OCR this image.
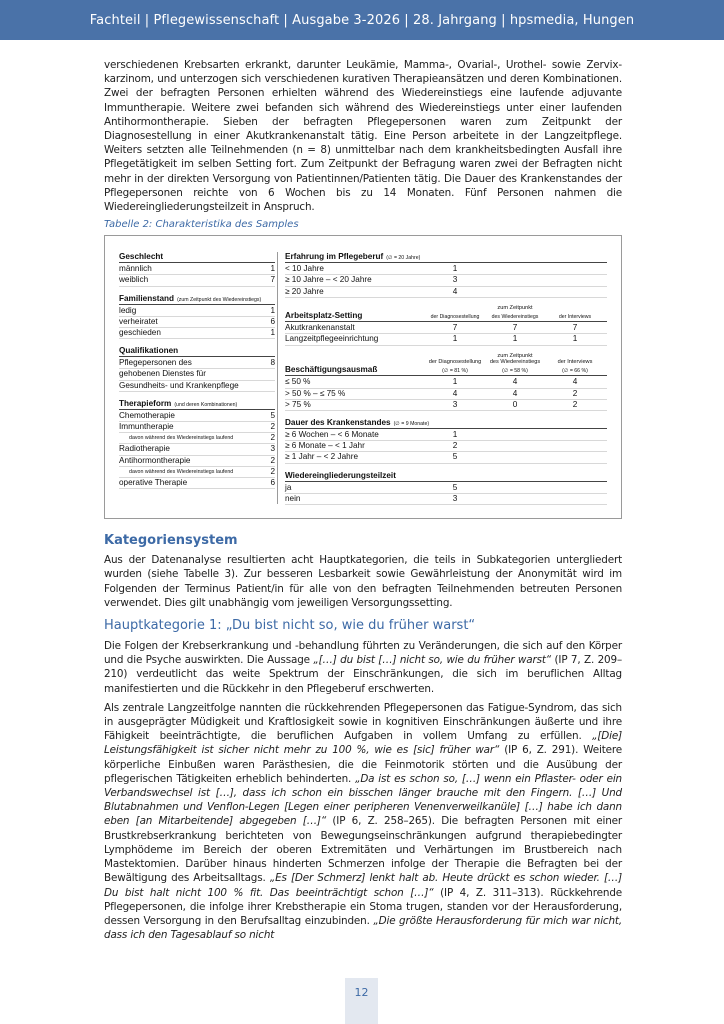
Fachteil | Pflegewissenschaft | Ausgabe 3-2026 | 28. Jahrgang | hpsmedia, Hungen

verschiedenen Krebsarten erkrankt, darunter Leukämie, Mamma-, Ovarial-, Urothel- sowie Zervix-karzinom, und unterzogen sich verschiedenen kurativen Therapieansätzen und deren Kombinationen. Zwei der befragten Personen erhielten während des Wiedereinstiegs eine laufende adjuvante Immuntherapie. Weitere zwei befanden sich während des Wiedereinstiegs unter einer laufenden Antihormontherapie. Sieben der befragten Pflegepersonen waren zum Zeitpunkt der Diagnosestellung in einer Akutkrankenanstalt tätig. Eine Person arbeitete in der Langzeitpflege. Weiters setzten alle Teilnehmenden (n = 8) unmittelbar nach dem krankheitsbedingten Ausfall ihre Pflegetätigkeit im selben Setting fort. Zum Zeitpunkt der Befragung waren zwei der Befragten nicht mehr in der direkten Versorgung von Patientinnen/Patienten tätig. Die Dauer des Krankenstandes der Pflegepersonen reichte von 6 Wochen bis zu 14 Monaten. Fünf Personen nahmen die Wiedereingliederungsteilzeit in Anspruch.

Tabelle 2: Charakteristika des Samples
Geschlecht
männlich	1
weiblich	7
Familienstand (zum Zeitpunkt des Wiedereinstiegs)
ledig	1
verheiratet	6
geschieden	1
Qualifikationen
Pflegepersonen des	8
gehobenen Dienstes für
Gesundheits- und Krankenpflege
Therapieform (und deren Kombinationen)
Chemotherapie	5
Immuntherapie	2
davon während des Wiedereinstiegs laufend	2
Radiotherapie	3
Antihormontherapie	2
davon während des Wiedereinstiegs laufend	2
operative Therapie	6
Erfahrung im Pflegeberuf (∅ = 20 Jahre)
< 10 Jahre	1
≥ 10 Jahre – < 20 Jahre	3
≥ 20 Jahre	4
zum Zeitpunkt
Arbeitsplatz-Setting	der Diagnosestellung	des Wiedereinstiegs	der Interviews
Akutkrankenanstalt	7	7	7
Langzeitpflegeeinrichtung	1	1	1
zum Zeitpunkt
der Diagnosestellung	des Wiedereinstiegs	der Interviews
Beschäftigungsausmaß	(∅ = 81 %)	(∅ = 58 %)	(∅ = 66 %)
≤ 50 %	1	4	4
> 50 % – ≤ 75 %	4	4	2
> 75 %	3	0	2
Dauer des Krankenstandes (∅ = 9 Monate)
≥ 6 Wochen – < 6 Monate	1
≥ 6 Monate – < 1 Jahr	2
≥ 1 Jahr – < 2 Jahre	5
Wiedereingliederungsteilzeit
ja	5
nein	3
Kategoriensystem

Aus der Datenanalyse resultierten acht Hauptkategorien, die teils in Subkategorien untergliedert wurden (siehe Tabelle 3). Zur besseren Lesbarkeit sowie Gewährleistung der Anonymität wird im Folgenden der Terminus Patient/in für alle von den befragten Teilnehmenden betreuten Personen verwendet. Dies gilt unabhängig vom jeweiligen Versorgungssetting.

Hauptkategorie 1: „Du bist nicht so, wie du früher warst“

Die Folgen der Krebserkrankung und -behandlung führten zu Veränderungen, die sich auf den Körper und die Psyche auswirkten. Die Aussage „[…] du bist […] nicht so, wie du früher warst“ (IP 7, Z. 209–210) verdeutlicht das weite Spektrum der Einschränkungen, die sich im beruflichen Alltag manifestierten und die Rückkehr in den Pflegeberuf erschwerten.

Als zentrale Langzeitfolge nannten die rückkehrenden Pflegepersonen das Fatigue-Syndrom, das sich in ausgeprägter Müdigkeit und Kraftlosigkeit sowie in kognitiven Einschränkungen äußerte und ihre Fähigkeit beeinträchtigte, die beruflichen Aufgaben in vollem Umfang zu erfüllen. „[Die] Leistungsfähigkeit ist sicher nicht mehr zu 100 %, wie es [sic] früher war“ (IP 6, Z. 291). Weitere körperliche Einbußen waren Parästhesien, die die Feinmotorik störten und die Ausübung der pflegerischen Tätigkeiten erheblich behinderten. „Da ist es schon so, […] wenn ein Pflaster- oder ein Verbandswechsel ist […], dass ich schon ein bisschen länger brauche mit den Fingern. […] Und Blutabnahmen und Venflon-Legen [Legen einer peripheren Venenverweilkanüle] […] habe ich dann eben [an Mitarbeitende] abgegeben […]“ (IP 6, Z. 258–265). Die befragten Personen mit einer Brustkrebserkrankung berichteten von Bewegungseinschränkungen aufgrund therapiebedingter Lymphödeme im Bereich der oberen Extremitäten und Verhärtungen im Brustbereich nach Mastektomien. Darüber hinaus hinderten Schmerzen infolge der Therapie die Befragten bei der Bewältigung des Arbeitsalltags. „Es [Der Schmerz] lenkt halt ab. Heute drückt es schon wieder. […] Du bist halt nicht 100 % fit. Das beeinträchtigt schon […]“ (IP 4, Z. 311–313). Rückkehrende Pflegepersonen, die infolge ihrer Krebstherapie ein Stoma trugen, standen vor der Herausforderung, dessen Versorgung in den Berufsalltag einzubinden. „Die größte Herausforderung für mich war nicht, dass ich den Tagesablauf so nicht

12
